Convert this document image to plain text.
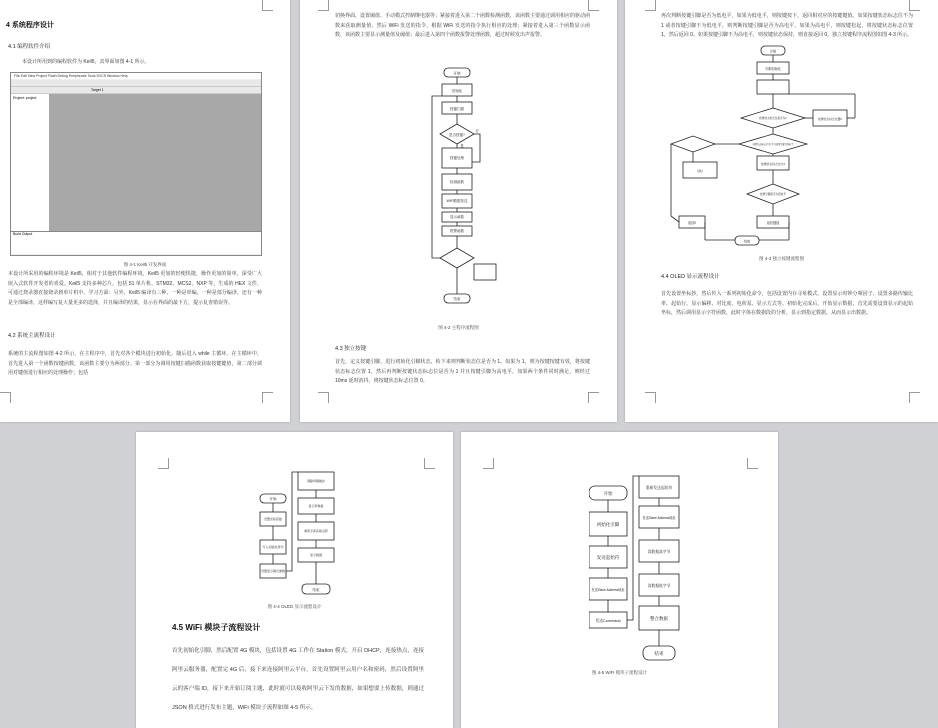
4 系统程序设计
4.1 编程软件介绍
本设计所用到的编程软件为 Keil5，其界面如图 4-1 所示。
File Edit View Project Flash Debug Peripherals Tools SVCS Window Help
Target 1
Project: project
Build Output
图 4-1 Keil5 开发界面
本设计所采用的编程环境是 Keil5，相对于其他软件编程环境，Keil5 更加的轻便快捷，操作更加的简单，深受广大嵌入式软件开发者的喜爱。Keil5 支持多种芯片，包括 51 单片机、STM32、MCS2、NXP 等，生成的 HEX 文件，可通过烧录器直接烧录到单片机中。学习方面：另外，Keil5 编译有三种，一种是单编，一种是部分编译，还有一种是全部编译，这样编写复大量更多的选择，并且编译的结果，显示在界面的最下方，提示复查错误等。
4.2 系统主流程设计
系统的主流程图如图 4-2 所示。在主程序中，首先对各个模块进行初始化，随后进入 while 主循环，在主循环中，首先进入第一个函数按键函数，该函数主要分为两部分。第一部分为调用按键扫描函数获取按键键值，第二部分调用对键值进行相应的处理操作；包括
切换界面、设置阈值、手动模式控制继电器等；紧接着进入第二个函数检测函数，该函数主要通过调用相应的驱动函数来获取测量值，然后 WiFi 发送的指令，根据 WiFi 发送的指令执行相应的处理；紧接着进入第三个函数显示函数，该函数主要显示测量值及阈值；最后进入第四个函数报警处理函数，超过时候发出声报警。
开始
初始化
按键扫描
是否按键?
是
否
按键处理
检测函数
WiFi数据发送
显示函数
报警函数
结束
图 4-2 主程序流程图
4.3 独立按键
首先，定义按键引脚，进行初始化引脚状态，检下来则判断状态位是否为 1。如果为 1，则为按键按键有效，将按键状态标志位置 1，然后再判断按键状态标志位是否为 1 并且按键引脚为高电平，如果两个条件同时满足，则经过 10ms 延时消抖，将按键状态标志位置 0。
再次判断按键引脚是否为低电平，如果为低电平，则按键按下，返回相对应的按键键值。如果按键状态标志位不为 1 或者按键引脚不为低电平，则判断按键引脚是否为高电平，如果为高电平，则按键松起，将按键状态标志位置 1，然后返回 0。如果按键引脚不为高电平，则按键状态保持，则直接返回 0。独立按键程序流程图如图 4-3 所示。
开始
引脚初始化
按键状态标志位是否为1	按键状态标志位置0
按键状态标志位为1并且按键引脚为低电平
按键状态标志位为1
延时
按键引脚是否为低电平
返回0	返回键值
结束
图 4-3 独立按键流程图
4.4 OLED 显示流程设计
首先设置坐标抄，然后传入一系列初始化命令，包括设置内存寻址模式、设置显示时钟分频因子、设置多路传输比率、起始行、显示偏移、对比度、电荷泵、显示方式等。初始化完成后，开始显示数据，首先需要设置显示的起始坐标，然后调用显示字符函数，此时字体在数据段的分析，显示到指定数据，从而显示出数据。
开始
设置坐标起始
写入初始化命令
设置显示模式参数
清除屏幕缓存
显示屏参数
调用字库获取点阵
显示数据
结束
图 4-4 OLED 显示流程设计
4.5 WiFi 模块子流程设计
首先初始化引脚，然后配置 4G 模块，包括设置 4G 工作在 Station 模式，开启 DHCP，连接热点，连接阿里云服务器，配置完 4G 后，接下来连接阿里云平台，首先设置阿里云用户名和密码，然后设置阿里云的客户端 ID，接下来开始订阅主题，此时就可以接收阿里云下发的数据，如果想要上传数据，则通过 JSON 格式进行发布主题，WiFi 模块子流程如图 4-5 所示。
开始
初始化引脚
发送起始符
发送Slave Address地址
发送Command
重新发送起始符
发送Slave Address地址
读数据高字节
读数据低字节
整合数据
结束
图 4-5 WiFi 模块子流程设计
